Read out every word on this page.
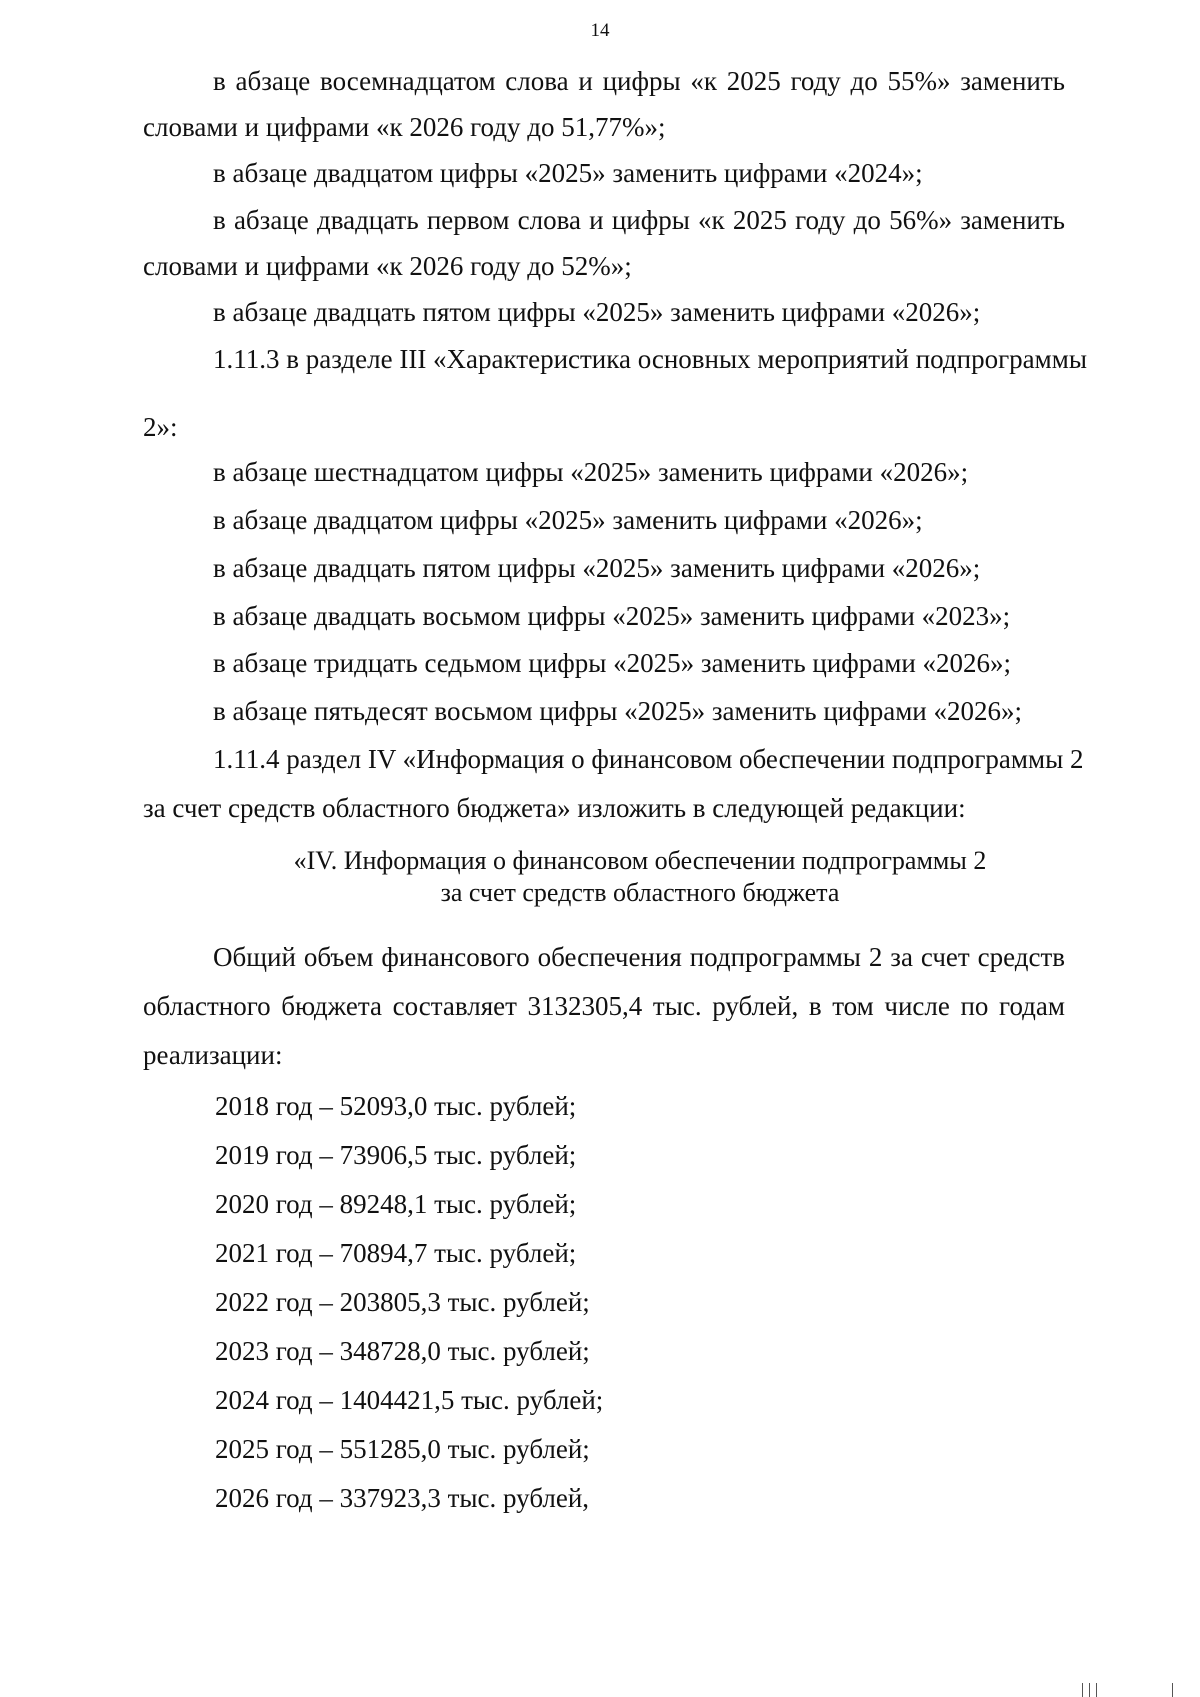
14
в абзаце восемнадцатом слова и цифры «к 2025 году до 55%» заменить
словами и цифрами «к 2026 году до 51,77%»;
в абзаце двадцатом цифры «2025» заменить цифрами «2024»;
в абзаце двадцать первом слова и цифры «к 2025 году до 56%» заменить
словами и цифрами «к 2026 году до 52%»;
в абзаце двадцать пятом цифры «2025» заменить цифрами «2026»;
1.11.3 в разделе III «Характеристика основных мероприятий подпрограммы
2»:
в абзаце шестнадцатом цифры «2025» заменить цифрами «2026»;
в абзаце двадцатом цифры «2025» заменить цифрами «2026»;
в абзаце двадцать пятом цифры «2025» заменить цифрами «2026»;
в абзаце двадцать восьмом цифры «2025» заменить цифрами «2023»;
в абзаце тридцать седьмом цифры «2025» заменить цифрами «2026»;
в абзаце пятьдесят восьмом цифры «2025» заменить цифрами «2026»;
1.11.4 раздел IV «Информация о финансовом обеспечении подпрограммы 2
за счет средств областного бюджета» изложить в следующей редакции:
«IV. Информация о финансовом обеспечении подпрограммы 2
за счет средств областного бюджета
Общий объем финансового обеспечения подпрограммы 2 за счет средств
областного бюджета составляет 3132305,4 тыс. рублей, в том числе по годам
реализации:
2018 год – 52093,0 тыс. рублей;
2019 год – 73906,5 тыс. рублей;
2020 год – 89248,1 тыс. рублей;
2021 год – 70894,7 тыс. рублей;
2022 год – 203805,3 тыс. рублей;
2023 год – 348728,0 тыс. рублей;
2024 год – 1404421,5 тыс. рублей;
2025 год – 551285,0 тыс. рублей;
2026 год – 337923,3 тыс. рублей,
